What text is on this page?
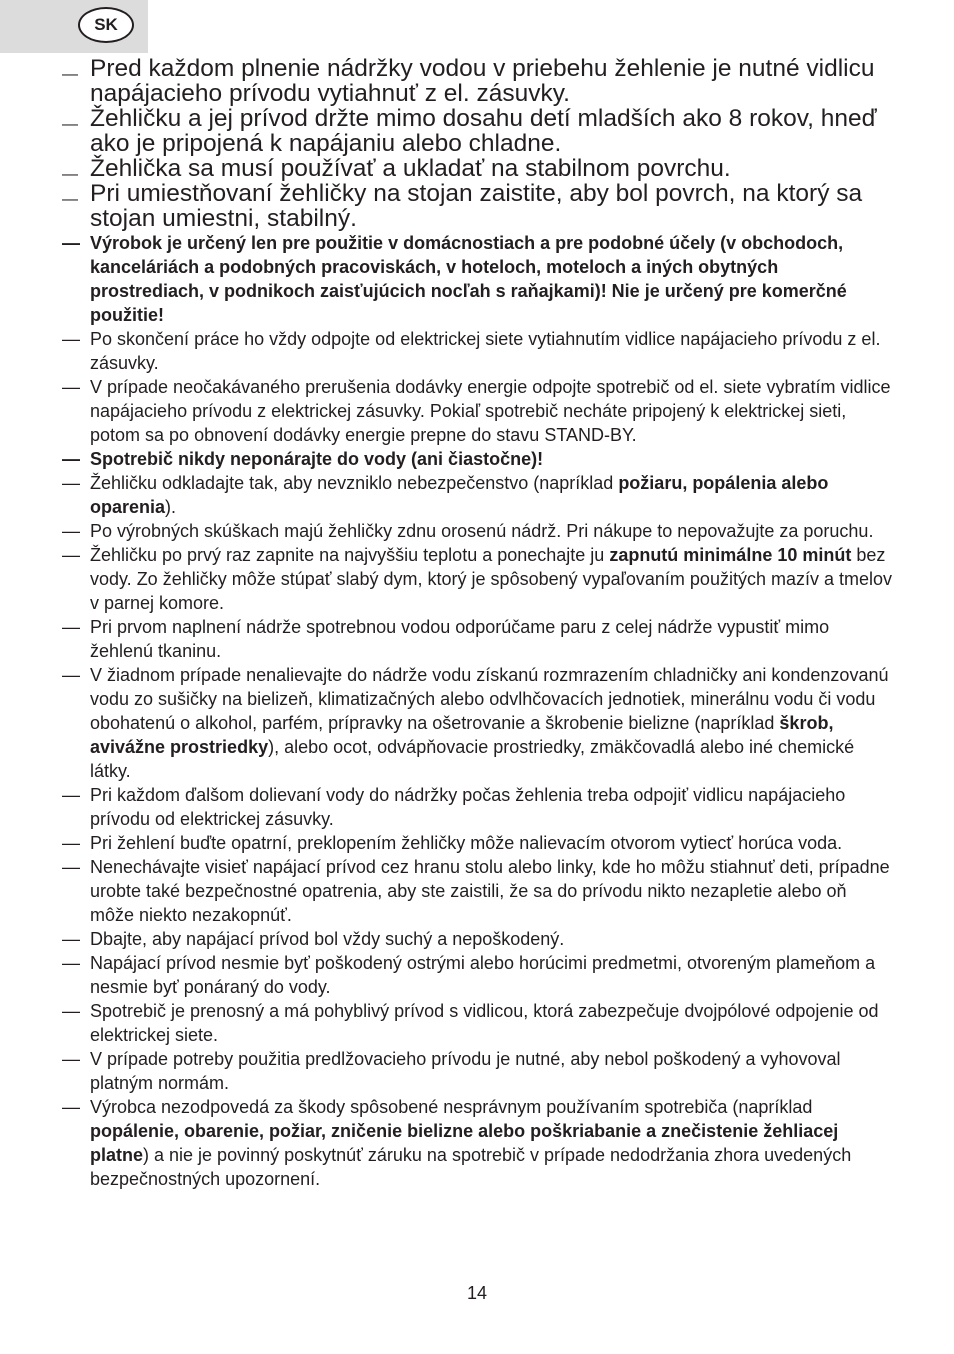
SK
— Pred každom plnenie nádržky vodou v priebehu žehlenie je nutné vidlicu napájacieho prívodu vytiahnuť z el. zásuvky.
— Žehličku a jej prívod držte mimo dosahu detí mladších ako 8 rokov, hneď ako je pripojená k napájaniu alebo chladne.
— Žehlička sa musí používať a ukladať na stabilnom povrchu.
— Pri umiestňovaní žehličky na stojan zaistite, aby bol povrch, na ktorý sa stojan umiestni, stabilný.
— Výrobok je určený len pre použitie v domácnostiach a pre podobné účely (v obchodoch, kanceláriách a podobných pracoviskách, v hoteloch, moteloch a iných obytných prostrediach, v podnikoch zaisťujúcich nocľah s raňajkami)! Nie je určený pre komerčné použitie!
— Po skončení práce ho vždy odpojte od elektrickej siete vytiahnutím vidlice napájacieho prívodu z el. zásuvky.
— V prípade neočakávaného prerušenia dodávky energie odpojte spotrebič od el. siete vybratím vidlice napájacieho prívodu z elektrickej zásuvky. Pokiaľ spotrebič necháte pripojený k elektrickej sieti, potom sa po obnovení dodávky energie prepne do stavu STAND-BY.
— Spotrebič nikdy neponárajte do vody (ani čiastočne)!
— Žehličku odkladajte tak, aby nevzniklo nebezpečenstvo (napríklad požiaru, popálenia alebo oparenia).
— Po výrobných skúškach majú žehličky zdnu orosenú nádrž. Pri nákupe to nepovažujte za poruchu.
— Žehličku po prvý raz zapnite na najvyššiu teplotu a ponechajte ju zapnutú minimálne 10 minút bez vody. Zo žehličky môže stúpať slabý dym, ktorý je spôsobený vypaľovaním použitých mazív a tmelov v parnej komore.
— Pri prvom naplnení nádrže spotrebnou vodou odporúčame paru z celej nádrže vypustiť mimo žehlenú tkaninu.
— V žiadnom prípade nenalievajte do nádrže vodu získanú rozmrazením chladničky ani kondenzovanú vodu zo sušičky na bielizeň, klimatizačných alebo odvlhčovacích jednotiek, minerálnu vodu či vodu obohatenú o alkohol, parfém, prípravky na ošetrovanie a škrobenie bielizne (napríklad škrob, avivážne prostriedky), alebo ocot, odvápňovacie prostriedky, zmäkčovadlá alebo iné chemické látky.
— Pri každom ďalšom dolievaní vody do nádržky počas žehlenia treba odpojiť vidlicu napájacieho prívodu od elektrickej zásuvky.
— Pri žehlení buďte opatrní, preklopením žehličky môže nalievacím otvorom vytiecť horúca voda.
— Nenechávajte visieť napájací prívod cez hranu stolu alebo linky, kde ho môžu stiahnuť deti, prípadne urobte také bezpečnostné opatrenia, aby ste zaistili, že sa do prívodu nikto nezapletie alebo oň môže niekto nezakopnúť.
— Dbajte, aby napájací prívod bol vždy suchý a nepoškodený.
— Napájací prívod nesmie byť poškodený ostrými alebo horúcimi predmetmi, otvoreným plameňom a nesmie byť ponáraný do vody.
— Spotrebič je prenosný a má pohyblivý prívod s vidlicou, ktorá zabezpečuje dvojpólové odpojenie od elektrickej siete.
— V prípade potreby použitia predlžovacieho prívodu je nutné, aby nebol poškodený a vyhovoval platným normám.
— Výrobca nezodpovedá za škody spôsobené nesprávnym používaním spotrebiča (napríklad popálenie, obarenie, požiar, zničenie bielizne alebo poškriabanie a znečistenie žehliacej platne) a nie je povinný poskytnúť záruku na spotrebič v prípade nedodržania zhora uvedených bezpečnostných upozornení.
14
